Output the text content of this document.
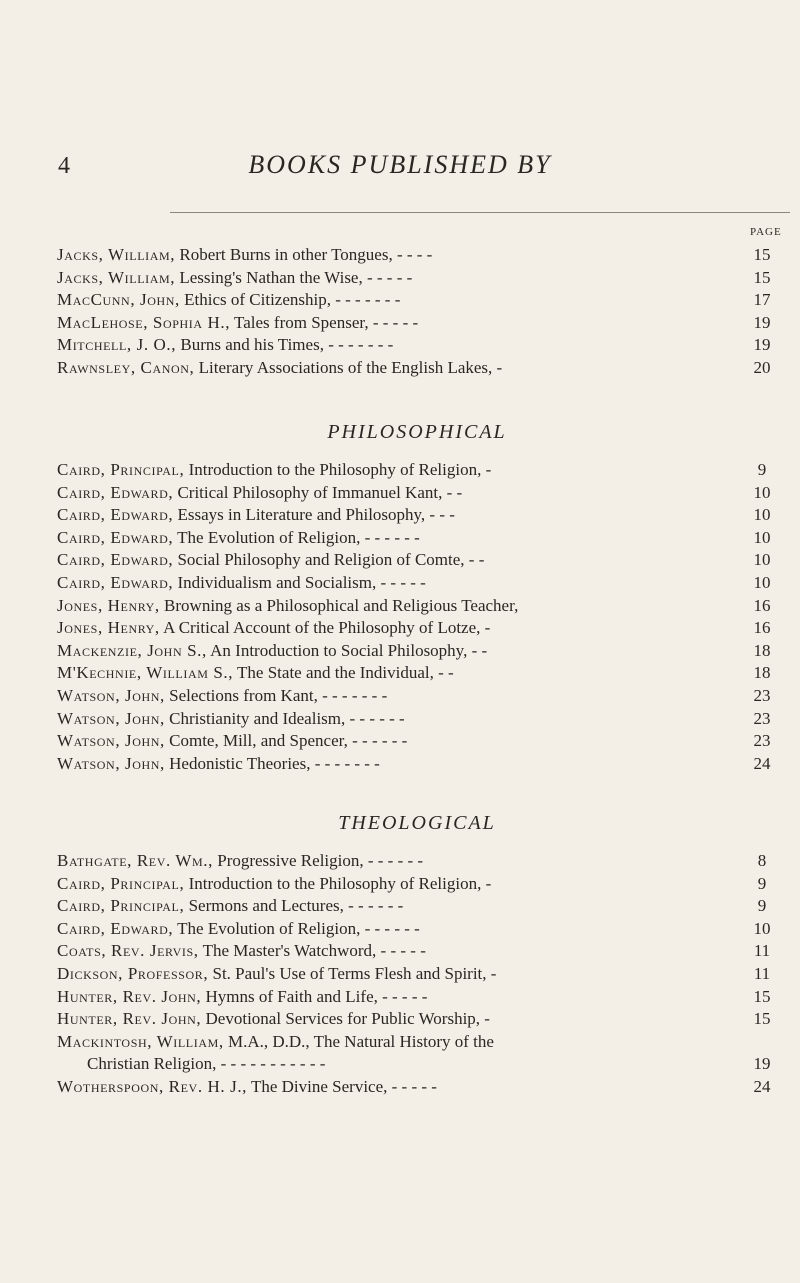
4	BOOKS PUBLISHED BY
PAGE
Jacks, William, Robert Burns in other Tongues, - - - -	15
Jacks, William, Lessing's Nathan the Wise, - - - - -	15
MacCunn, John, Ethics of Citizenship, - - - - - - -	17
MacLehose, Sophia H., Tales from Spenser, - - - - -	19
Mitchell, J. O., Burns and his Times, - - - - - - -	19
Rawnsley, Canon, Literary Associations of the English Lakes, -	20
PHILOSOPHICAL
Caird, Principal, Introduction to the Philosophy of Religion, -	9
Caird, Edward, Critical Philosophy of Immanuel Kant, - -	10
Caird, Edward, Essays in Literature and Philosophy, - - -	10
Caird, Edward, The Evolution of Religion, - - - - - -	10
Caird, Edward, Social Philosophy and Religion of Comte, - -	10
Caird, Edward, Individualism and Socialism, - - - - -	10
Jones, Henry, Browning as a Philosophical and Religious Teacher,	16
Jones, Henry, A Critical Account of the Philosophy of Lotze, -	16
Mackenzie, John S., An Introduction to Social Philosophy, - -	18
M'Kechnie, William S., The State and the Individual, - -	18
Watson, John, Selections from Kant, - - - - - - -	23
Watson, John, Christianity and Idealism, - - - - - -	23
Watson, John, Comte, Mill, and Spencer, - - - - - -	23
Watson, John, Hedonistic Theories, - - - - - - -	24
THEOLOGICAL
Bathgate, Rev. Wm., Progressive Religion, - - - - - -	8
Caird, Principal, Introduction to the Philosophy of Religion, -	9
Caird, Principal, Sermons and Lectures, - - - - - -	9
Caird, Edward, The Evolution of Religion, - - - - - -	10
Coats, Rev. Jervis, The Master's Watchword, - - - - -	11
Dickson, Professor, St. Paul's Use of Terms Flesh and Spirit, -	11
Hunter, Rev. John, Hymns of Faith and Life, - - - - -	15
Hunter, Rev. John, Devotional Services for Public Worship, -	15
Mackintosh, William, M.A., D.D., The Natural History of the
Christian Religion, - - - - - - - - - - -	19
Wotherspoon, Rev. H. J., The Divine Service, - - - - -	24
